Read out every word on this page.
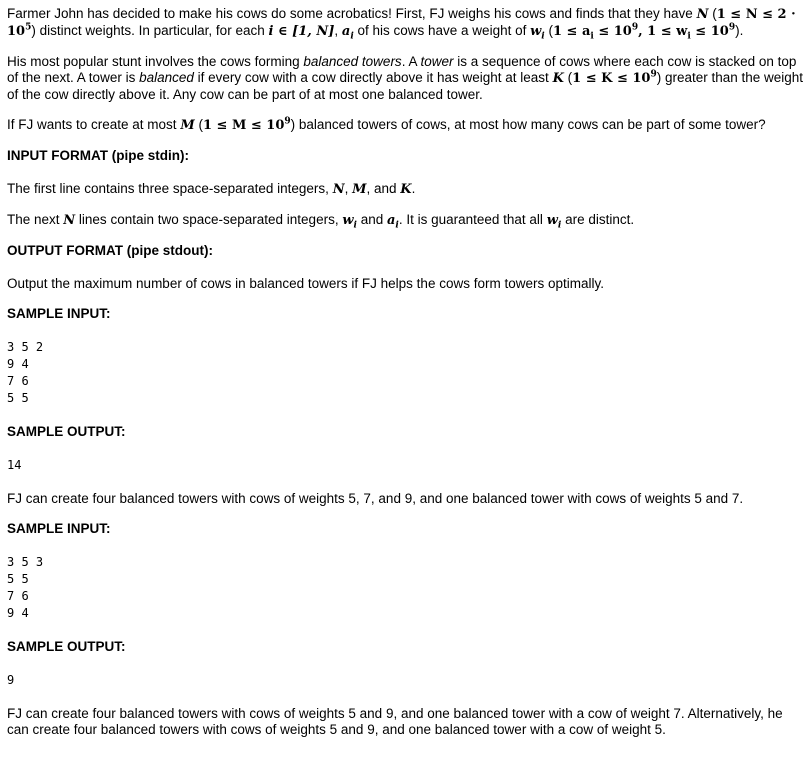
Farmer John has decided to make his cows do some acrobatics! First, FJ weighs his cows and finds that they have N $(1 \le N \le 2 \cdot 10^5)$ distinct weights. In particular, for each i ∈ [1, N], $a_i$ of his cows have a weight of $w_i$ ($1 \le a_i \le 10^9$, $1 \le w_i \le 10^9$).

His most popular stunt involves the cows forming balanced towers. A tower is a sequence of cows where each cow is stacked on top of the next. A tower is balanced if every cow with a cow directly above it has weight at least K $(1 \le K \le 10^9)$ greater than the weight of the cow directly above it. Any cow can be part of at most one balanced tower.

If FJ wants to create at most M $(1 \le M \le 10^9)$ balanced towers of cows, at most how many cows can be part of some tower?

INPUT FORMAT (pipe stdin):

The first line contains three space-separated integers, N, M, and K.

The next N lines contain two space-separated integers, $w_i$ and $a_i$. It is guaranteed that all $w_i$ are distinct.

OUTPUT FORMAT (pipe stdout):

Output the maximum number of cows in balanced towers if FJ helps the cows form towers optimally.

SAMPLE INPUT:
3 5 2
9 4
7 6
5 5
SAMPLE OUTPUT:
14

FJ can create four balanced towers with cows of weights 5, 7, and 9, and one balanced tower with cows of weights 5 and 7.

SAMPLE INPUT:
3 5 3
5 5
7 6
9 4
SAMPLE OUTPUT:
9

FJ can create four balanced towers with cows of weights 5 and 9, and one balanced tower with a cow of weight 7. Alternatively, he can create four balanced towers with cows of weights 5 and 9, and one balanced tower with a cow of weight 5.
